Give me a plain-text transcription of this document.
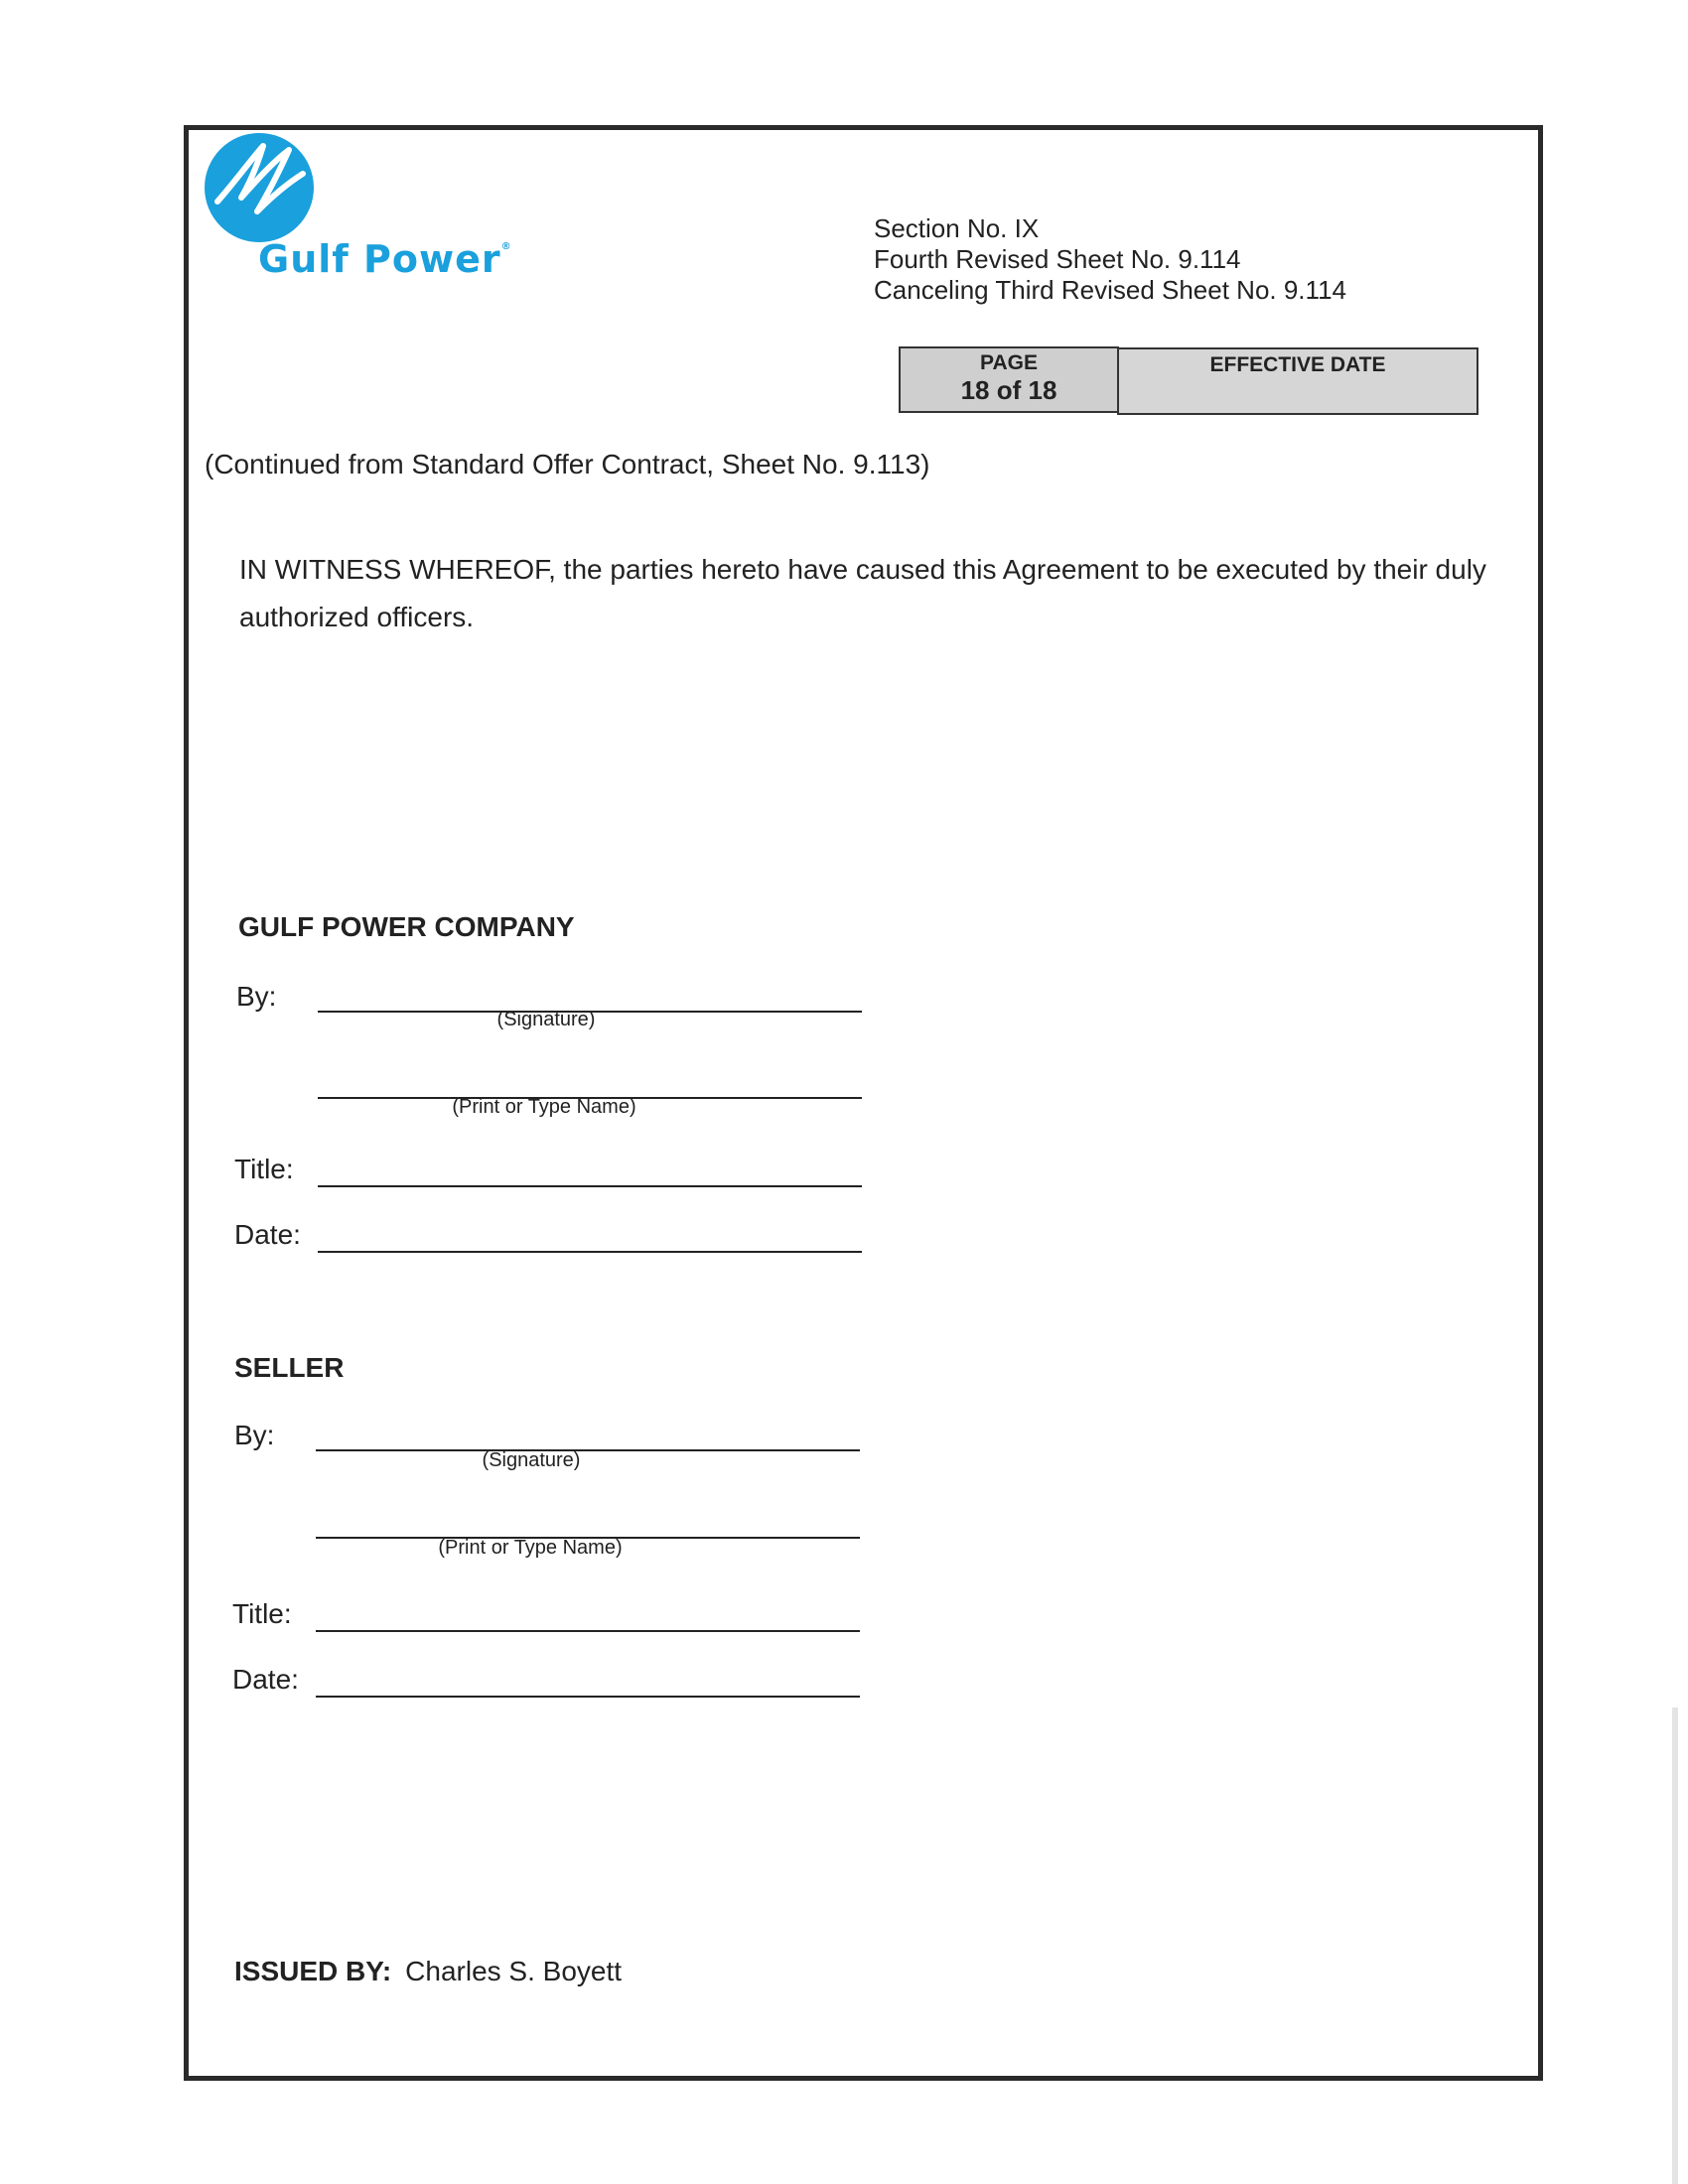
Gulf Power®
Section No. IX
Fourth Revised Sheet No. 9.114
Canceling Third Revised Sheet No. 9.114
PAGE
18 of 18
EFFECTIVE DATE
(Continued from Standard Offer Contract, Sheet No. 9.113)
IN WITNESS WHEREOF, the parties hereto have caused this Agreement to be executed by their duly authorized officers.
GULF POWER COMPANY
By:
(Signature)
(Print or Type Name)
Title:
Date:
SELLER
By:
(Signature)
(Print or Type Name)
Title:
Date:
ISSUED BY: Charles S. Boyett
